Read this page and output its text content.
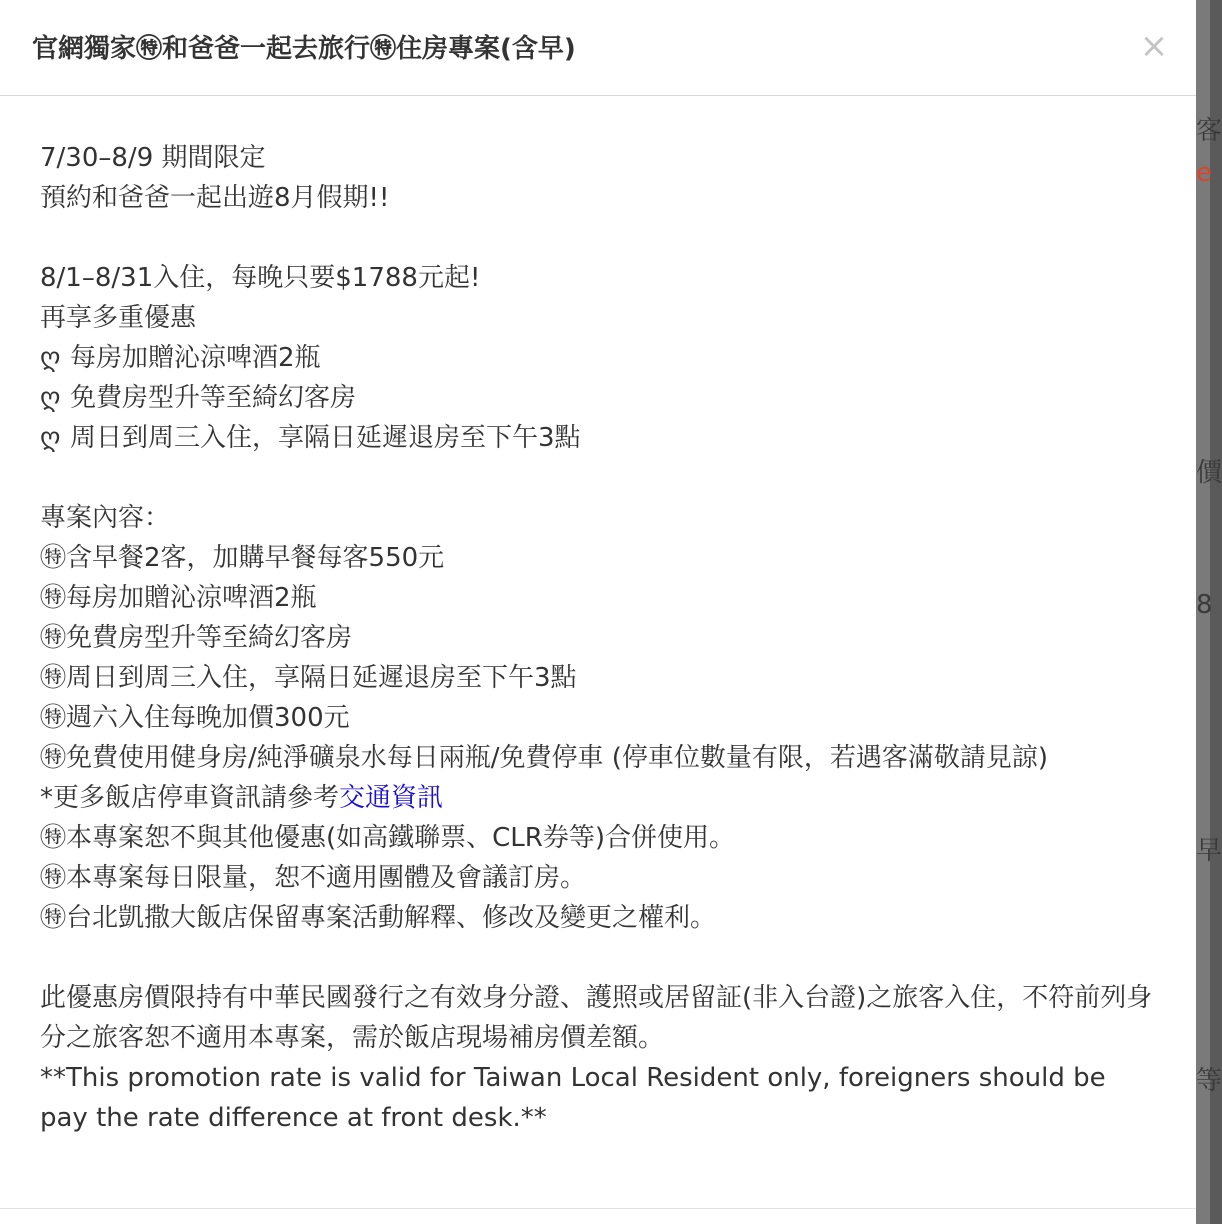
客
e
價
8
早
等
官網獨家㊕和爸爸一起去旅行㊕住房專案(含早)	×
7/30–8/9 期間限定
預約和爸爸一起出遊8月假期!!
8/1–8/31入住，每晚只要$1788元起!
再享多重優惠
ღ 每房加贈沁涼啤酒2瓶
ღ 免費房型升等至綺幻客房
ღ 周日到周三入住，享隔日延遲退房至下午3點
專案內容：
㊕含早餐2客，加購早餐每客550元
㊕每房加贈沁涼啤酒2瓶
㊕免費房型升等至綺幻客房
㊕周日到周三入住，享隔日延遲退房至下午3點
㊕週六入住每晚加價300元
㊕免費使用健身房/純淨礦泉水每日兩瓶/免費停車 (停車位數量有限，若遇客滿敬請見諒)
*更多飯店停車資訊請參考交通資訊
㊕本專案恕不與其他優惠(如高鐵聯票、CLR券等)合併使用。
㊕本專案每日限量，恕不適用團體及會議訂房。
㊕台北凱撒大飯店保留專案活動解釋、修改及變更之權利。
此優惠房價限持有中華民國發行之有效身分證、護照或居留証(非入台證)之旅客入住，不符前列身分之旅客恕不適用本專案，需於飯店現場補房價差額。
**This promotion rate is valid for Taiwan Local Resident only, foreigners should be pay the rate difference at front desk.**
